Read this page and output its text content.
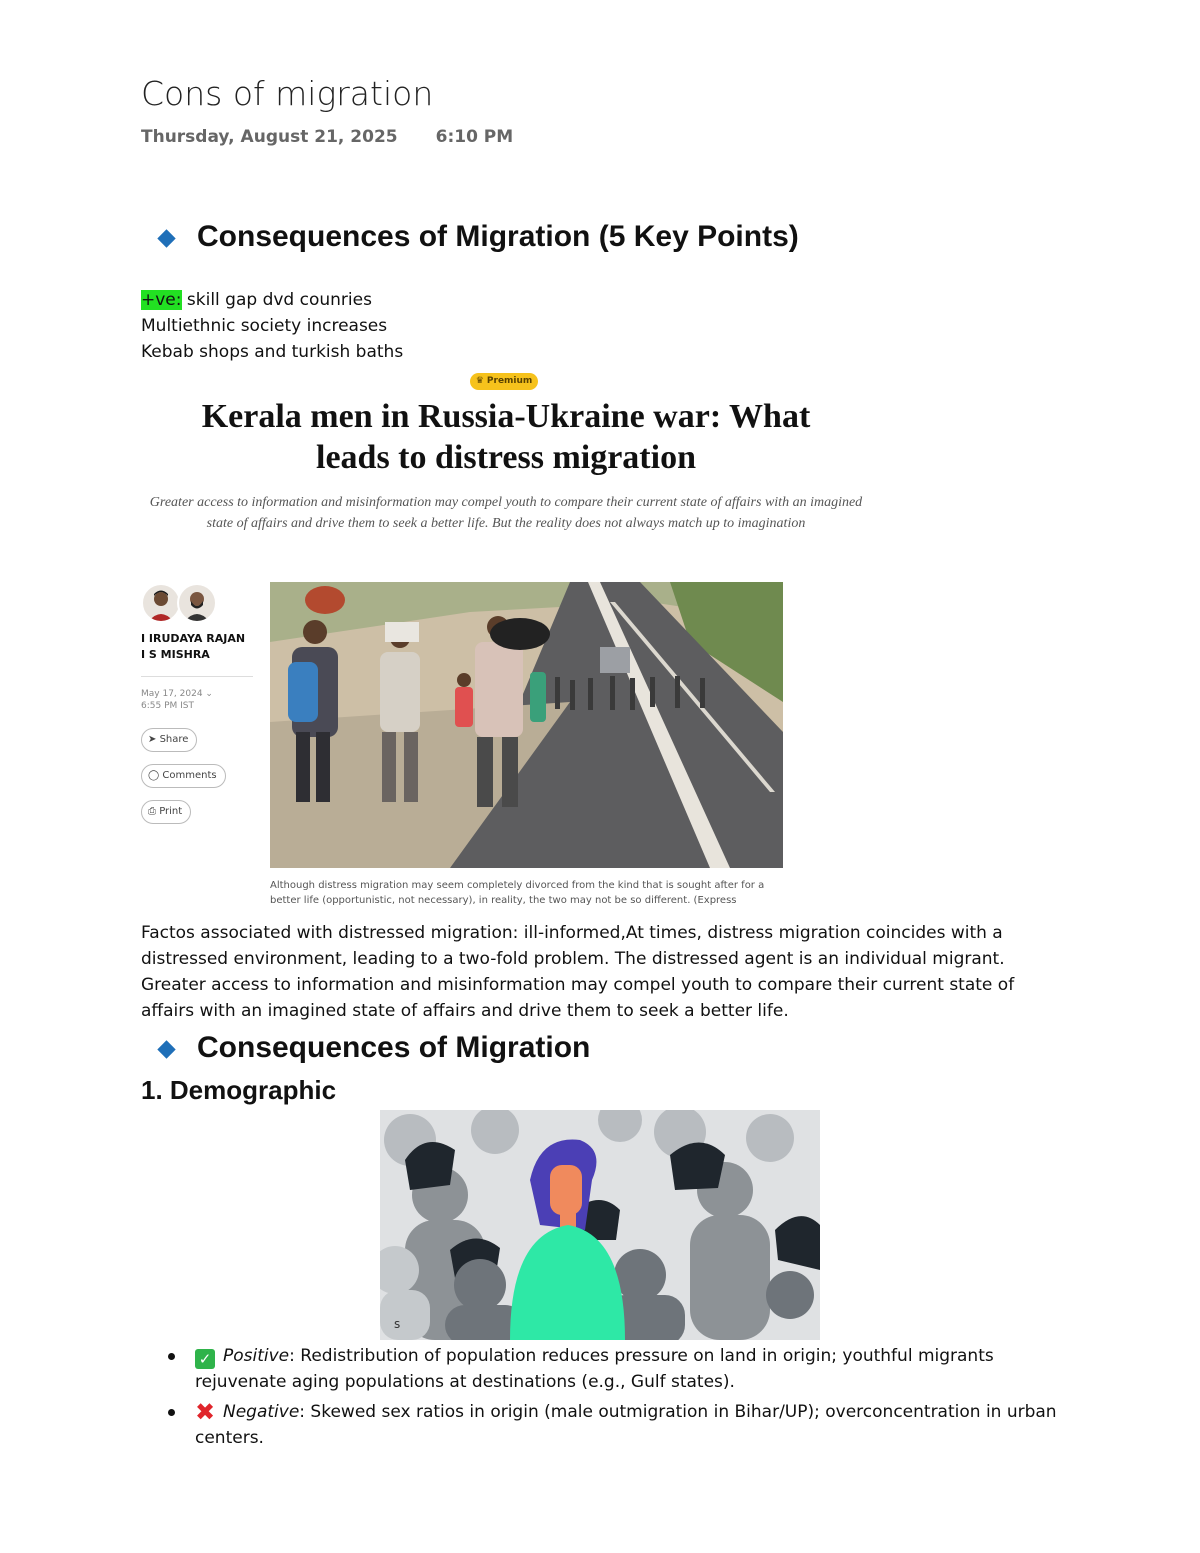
Cons of migration
Thursday, August 21, 2025 6:10 PM
Consequences of Migration (5 Key Points)
+ve: skill gap dvd counries
Multiethnic society increases
Kebab shops and turkish baths
♛ Premium
Kerala men in Russia-Ukraine war: What leads to distress migration
Greater access to information and misinformation may compel youth to compare their current state of affairs with an imagined state of affairs and drive them to seek a better life. But the reality does not always match up to imagination
I IRUDAYA RAJAN
I S MISHRA
May 17, 2024 ⌄
6:55 PM IST
➤ Share
◯ Comments
⎙ Print
Although distress migration may seem completely divorced from the kind that is sought after for a better life (opportunistic, not necessary), in reality, the two may not be so different. (Express
Factos associated with distressed migration: ill-informed,At times, distress migration coincides with a distressed environment, leading to a two-fold problem. The distressed agent is an individual migrant. Greater access to information and misinformation may compel youth to compare their current state of affairs with an imagined state of affairs and drive them to seek a better life.
Consequences of Migration
1. Demographic
s
✓ Positive: Redistribution of population reduces pressure on land in origin; youthful migrants rejuvenate aging populations at destinations (e.g., Gulf states).
✖ Negative: Skewed sex ratios in origin (male outmigration in Bihar/UP); overconcentration in urban centers.
